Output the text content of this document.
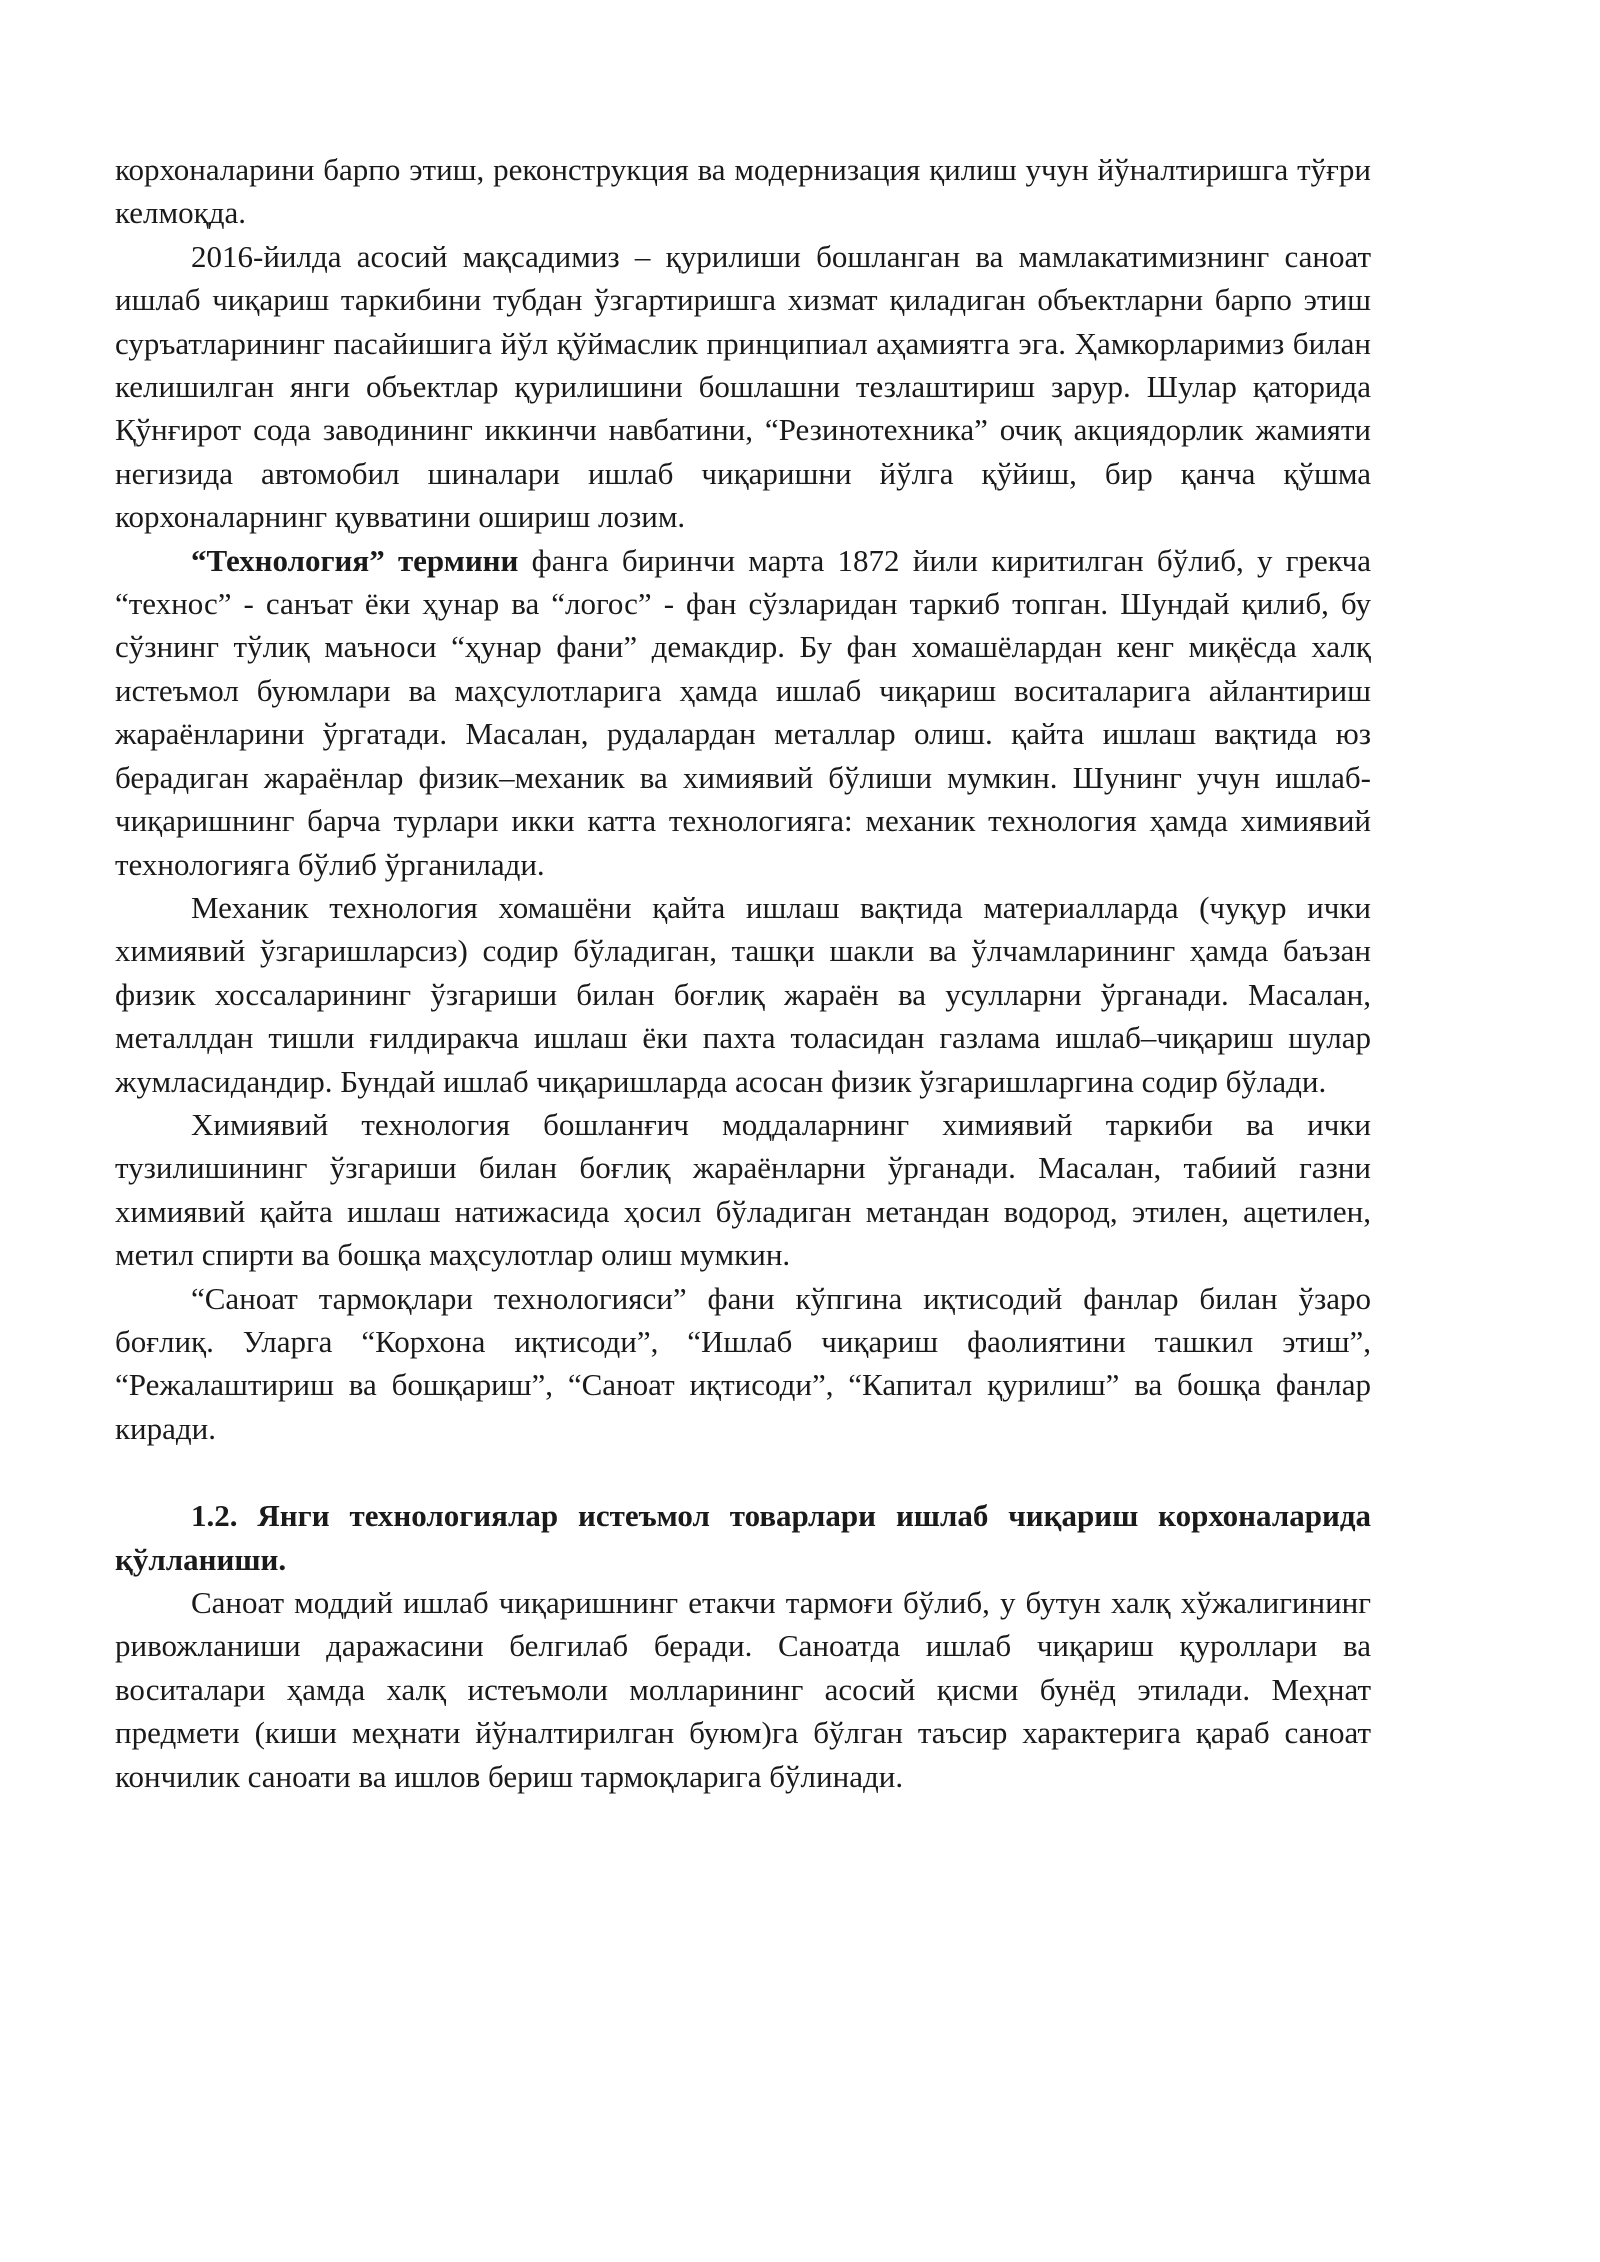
корхоналарини барпо этиш, реконструкция ва модернизация қилиш учун йўналтиришга тўғри келмоқда.

2016-йилда асосий мақсадимиз – қурилиши бошланган ва мамлакатимизнинг саноат ишлаб чиқариш таркибини тубдан ўзгартиришга хизмат қиладиган объектларни барпо этиш суръатларининг пасайишига йўл қўймаслик принципиал аҳамиятга эга. Ҳамкорларимиз билан келишилган янги объектлар қурилишини бошлашни тезлаштириш зарур. Шулар қаторида Қўнғирот сода заводининг иккинчи навбатини, “Резинотехника” очиқ акциядорлик жамияти негизида автомобил шиналари ишлаб чиқаришни йўлга қўйиш, бир қанча қўшма корхоналарнинг қувватини ошириш лозим.

“Технология” термини фанга биринчи марта 1872 йили киритилган бўлиб, у грекча “технос” - санъат ёки ҳунар ва “логос” - фан сўзларидан таркиб топган. Шундай қилиб, бу сўзнинг тўлиқ маъноси “ҳунар фани” демакдир. Бу фан хомашёлардан кенг миқёсда халқ истеъмол буюмлари ва маҳсулотларига ҳамда ишлаб чиқариш воситаларига айлантириш жараёнларини ўргатади. Масалан, рудалардан металлар олиш. қайта ишлаш вақтида юз берадиган жараёнлар физик–механик ва химиявий бўлиши мумкин. Шунинг учун ишлаб-чиқаришнинг барча турлари икки катта технологияга: механик технология ҳамда химиявий технологияга бўлиб ўрганилади.

Механик технология хомашёни қайта ишлаш вақтида материалларда (чуқур ички химиявий ўзгаришларсиз) содир бўладиган, ташқи шакли ва ўлчамларининг ҳамда баъзан физик хоссаларининг ўзгариши билан боғлиқ жараён ва усулларни ўрганади. Масалан, металлдан тишли ғилдиракча ишлаш ёки пахта толасидан газлама ишлаб–чиқариш шулар жумласидандир. Бундай ишлаб чиқаришларда асосан физик ўзгаришларгина содир бўлади.

Химиявий технология бошланғич моддаларнинг химиявий таркиби ва ички тузилишининг ўзгариши билан боғлиқ жараёнларни ўрганади. Масалан, табиий газни химиявий қайта ишлаш натижасида ҳосил бўладиган метандан водород, этилен, ацетилен, метил спирти ва бошқа маҳсулотлар олиш мумкин.

“Саноат тармоқлари технологияси” фани кўпгина иқтисодий фанлар билан ўзаро боғлиқ. Уларга “Корхона иқтисоди”, “Ишлаб чиқариш фаолиятини ташкил этиш”, “Режалаштириш ва бошқариш”, “Саноат иқтисоди”, “Капитал қурилиш” ва бошқа фанлар киради.

1.2. Янги технологиялар истеъмол товарлари ишлаб чиқариш корхоналарида қўлланиши.

Саноат моддий ишлаб чиқаришнинг етакчи тармоғи бўлиб, у бутун халқ хўжалигининг ривожланиши даражасини белгилаб беради. Саноатда ишлаб чиқариш қуроллари ва воситалари ҳамда халқ истеъмоли молларининг асосий қисми бунёд этилади. Меҳнат предмети (киши меҳнати йўналтирилган буюм)га бўлган таъсир характерига қараб саноат кончилик саноати ва ишлов бериш тармоқларига бўлинади.
